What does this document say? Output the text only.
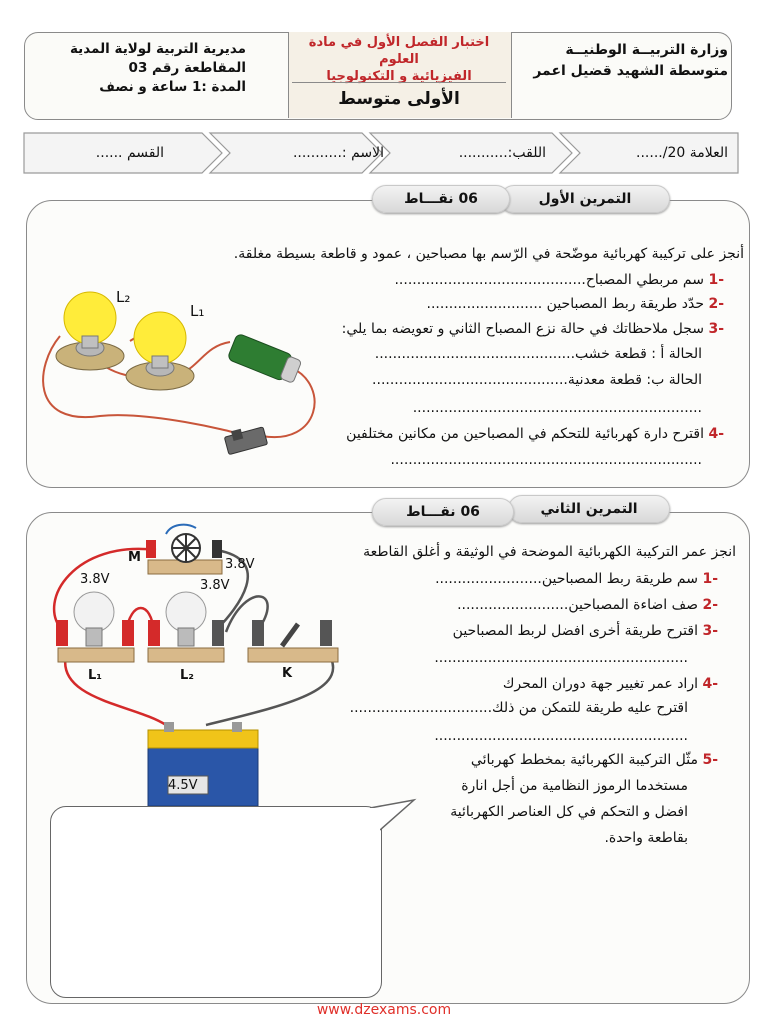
وزارة التربيــة الوطنيــة
متوسطة الشهيد قضيل اعمر
اختبار الفصل الأول في مادة العلوم
الفيزيائية و التكنولوجيا
الأولى متوسط
مديرية التربية لولاية المدية
المقاطعة رقم 03
المدة :1 ساعة و نصف
العلامة 20/......
اللقب:...........
الاسم :...........
القسم ......
التمرين الأول
06 نقـــاط
L₂
L₁
أنجز على تركيبة كهربائية موضّحة في الرّسم بها مصباحين ، عمود و قاطعة بسيطة مغلقة.
-1 سم مربطي المصباح...........................................
-2 حدّد طريقة ربط المصباحين ..........................
-3 سجل ملاحظاتك في حالة نزع المصباح الثاني و تعويضه بما يلي:
الحالة أ : قطعة خشب.............................................
الحالة ب: قطعة معدنية............................................
.................................................................
-4 اقترح دارة كهربائية للتحكم في المصباحين من مكانين مختلفين
......................................................................
التمرين الثاني
06 نقـــاط
M	3.8V
3.8V	3.8V
L₁	L₂	K
4.5V
انجز عمر التركيبة الكهربائية الموضحة في الوثيقة و أغلق القاطعة
-1 سم طريقة ربط المصباحين........................
-2 صف اضاءة المصباحين.........................
-3 اقترح طريقة أخرى افضل لربط المصباحين
.........................................................
-4 اراد عمر تغيير جهة دوران المحرك
اقترح عليه طريقة للتمكن من ذلك................................
.........................................................
-5 مثّل التركيبة الكهربائية بمخطط كهربائي
مستخدما الرموز النظامية من أجل انارة
افضل و التحكم في كل العناصر الكهربائية
بقاطعة واحدة.
www.dzexams.com
